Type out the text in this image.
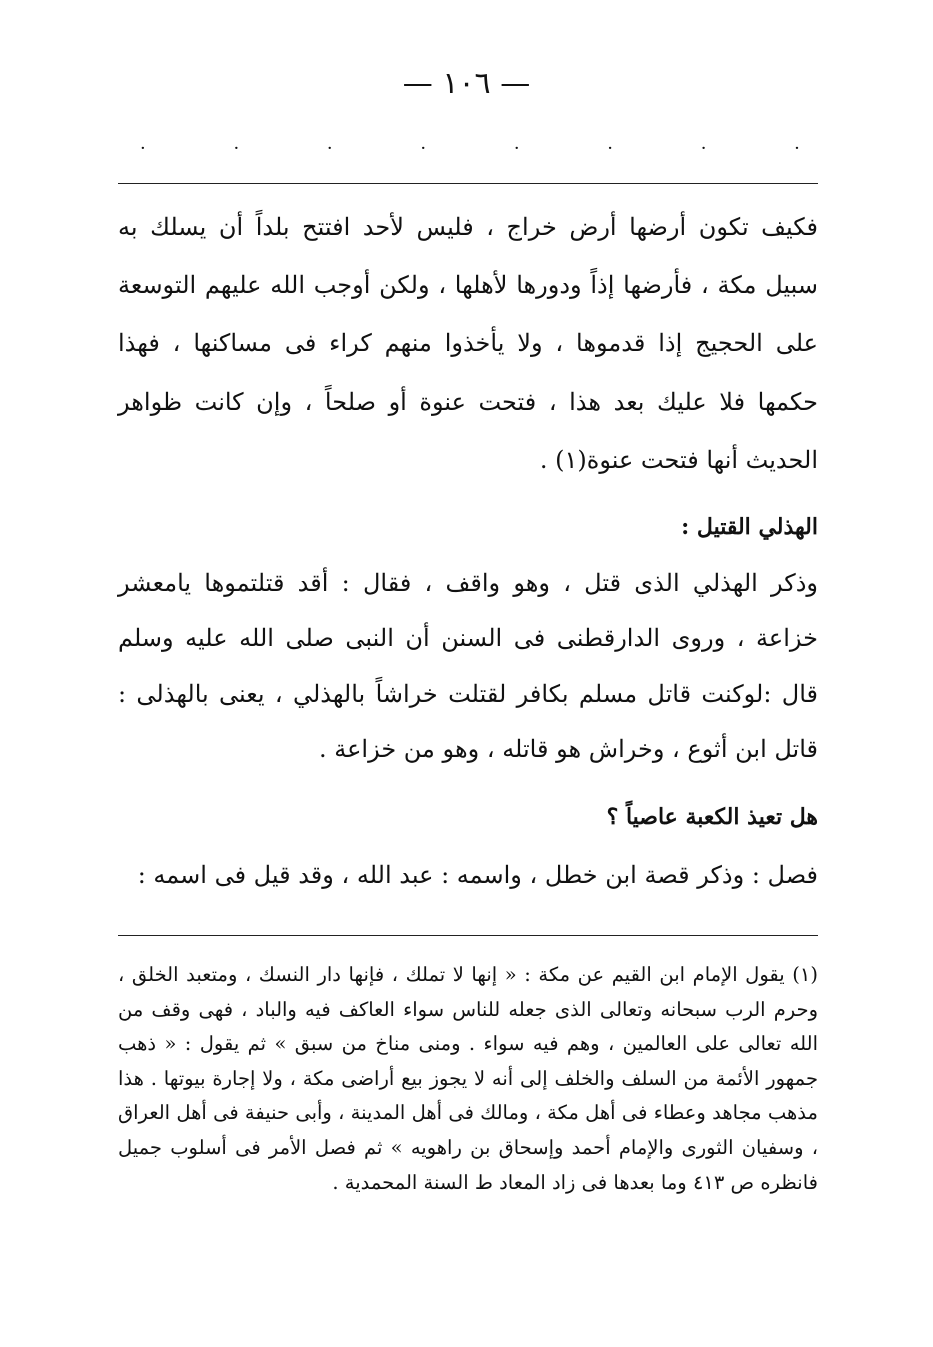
— ١٠٦ —
·	·	·	·	·	·	·	·

فكيف تكون أرضها أرض خراج ، فليس لأحد افتتح بلداً أن يسلك به سبيل مكة ، فأرضها إذاً ودورها لأهلها ، ولكن أوجب الله عليهم التوسعة على الحجيج إذا قدموها ، ولا يأخذوا منهم كراء فى مساكنها ، فهذا حكمها فلا عليك بعد هذا ، فتحت عنوة أو صلحاً ، وإن كانت ظواهر الحديث أنها فتحت عنوة(١) .

الهذلي القتيل :

وذكر الهذلي الذى قتل ، وهو واقف ، فقال : أقد قتلتموها يامعشر خزاعة ، وروى الدارقطنى فى السنن أن النبى صلى الله عليه وسلم قال :لوكنت قاتل مسلم بكافر لقتلت خراشاً بالهذلي ، يعنى بالهذلى : قاتل ابن أثوع ، وخراش هو قاتله ، وهو من خزاعة .

هل تعيذ الكعبة عاصياً ؟

فصل : وذكر قصة ابن خطل ، واسمه : عبد الله ، وقد قيل فى اسمه :

(١) يقول الإمام ابن القيم عن مكة : « إنها لا تملك ، فإنها دار النسك ، ومتعبد الخلق ، وحرم الرب سبحانه وتعالى الذى جعله للناس سواء العاكف فيه والباد ، فهى وقف من الله تعالى على العالمين ، وهم فيه سواء . ومنى مناخ من سبق » ثم يقول : « ذهب جمهور الأئمة من السلف والخلف إلى أنه لا يجوز بيع أراضى مكة ، ولا إجارة بيوتها . هذا مذهب مجاهد وعطاء فى أهل مكة ، ومالك فى أهل المدينة ، وأبى حنيفة فى أهل العراق ، وسفيان الثورى والإمام أحمد وإسحاق بن راهويه » ثم فصل الأمر فى أسلوب جميل فانظره ص ٤١٣ وما بعدها فى زاد المعاد ط السنة المحمدية .
